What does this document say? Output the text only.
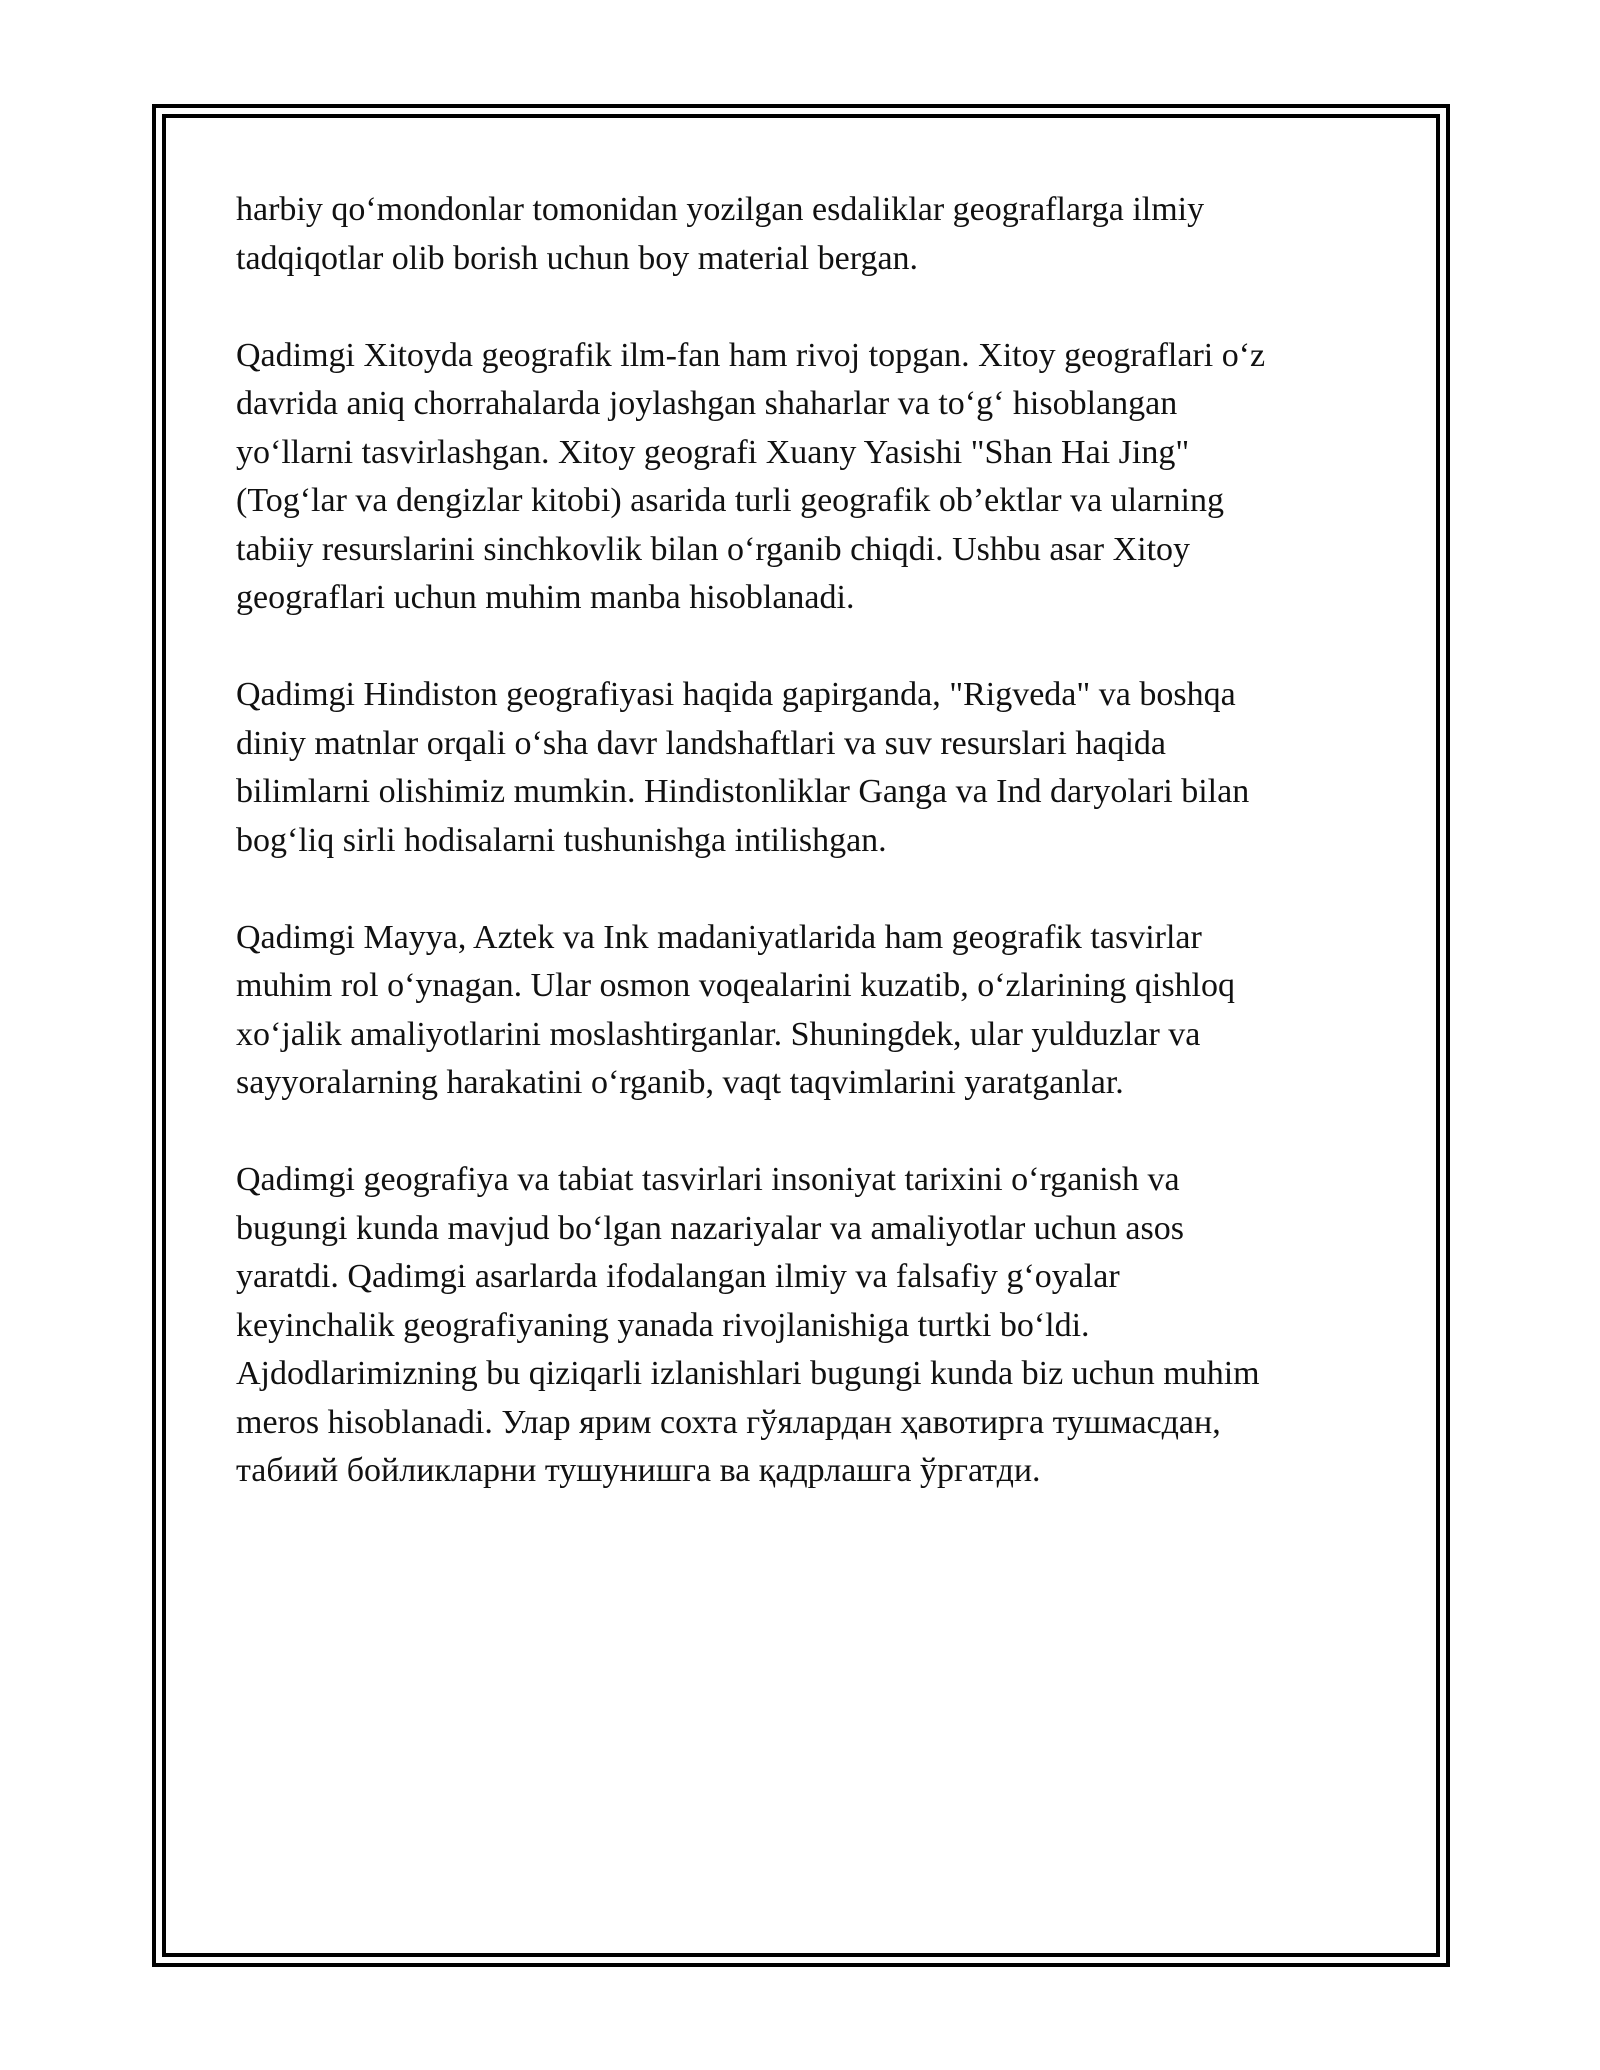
harbiy qo‘mondonlar tomonidan yozilgan esdaliklar geograflarga ilmiy
tadqiqotlar olib borish uchun boy material bergan.

Qadimgi Xitoyda geografik ilm-fan ham rivoj topgan. Xitoy geograflari o‘z
davrida aniq chorrahalarda joylashgan shaharlar va to‘g‘ hisoblangan
yo‘llarni tasvirlashgan. Xitoy geografi Xuany Yasishi "Shan Hai Jing"
(Tog‘lar va dengizlar kitobi) asarida turli geografik ob’ektlar va ularning
tabiiy resurslarini sinchkovlik bilan o‘rganib chiqdi. Ushbu asar Xitoy
geograflari uchun muhim manba hisoblanadi.

Qadimgi Hindiston geografiyasi haqida gapirganda, "Rigveda" va boshqa
diniy matnlar orqali o‘sha davr landshaftlari va suv resurslari haqida
bilimlarni olishimiz mumkin. Hindistonliklar Ganga va Ind daryolari bilan
bog‘liq sirli hodisalarni tushunishga intilishgan.

Qadimgi Mayya, Aztek va Ink madaniyatlarida ham geografik tasvirlar
muhim rol o‘ynagan. Ular osmon voqealarini kuzatib, o‘zlarining qishloq
xo‘jalik amaliyotlarini moslashtirganlar. Shuningdek, ular yulduzlar va
sayyoralarning harakatini o‘rganib, vaqt taqvimlarini yaratganlar.

Qadimgi geografiya va tabiat tasvirlari insoniyat tarixini o‘rganish va
bugungi kunda mavjud bo‘lgan nazariyalar va amaliyotlar uchun asos
yaratdi. Qadimgi asarlarda ifodalangan ilmiy va falsafiy g‘oyalar
keyinchalik geografiyaning yanada rivojlanishiga turtki bo‘ldi.
Ajdodlarimizning bu qiziqarli izlanishlari bugungi kunda biz uchun muhim
meros hisoblanadi. Улар ярим сохта гўялардан ҳавотирга тушмасдан,
табиий бойликларни тушунишга ва қадрлашга ўргатди.
